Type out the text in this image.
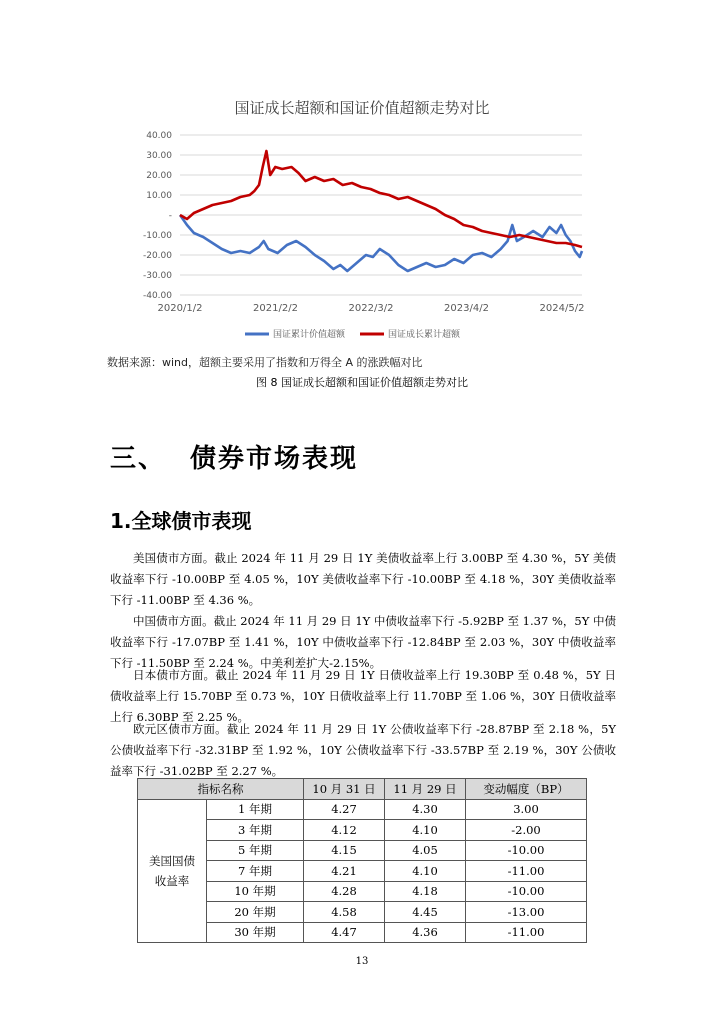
国证成长超额和国证价值超额走势对比
40.00
30.00
20.00
10.00
-
-10.00
-20.00
-30.00
-40.00
2020/1/2	2021/2/2	2022/3/2	2023/4/2	2024/5/2
国证累计价值超额	国证成长累计超额
数据来源：wind，超额主要采用了指数和万得全 A 的涨跌幅对比
图 8 国证成长超额和国证价值超额走势对比
三、 债券市场表现
1.全球债市表现
美国债市方面。截止 2024 年 11 月 29 日 1Y 美债收益率上行 3.00BP 至 4.30 %，5Y 美债收益率下行 -10.00BP 至 4.05 %，10Y 美债收益率下行 -10.00BP 至 4.18 %，30Y 美债收益率下行 -11.00BP 至 4.36 %。
中国债市方面。截止 2024 年 11 月 29 日 1Y 中债收益率下行 -5.92BP 至 1.37 %，5Y 中债收益率下行 -17.07BP 至 1.41 %，10Y 中债收益率下行 -12.84BP 至 2.03 %，30Y 中债收益率下行 -11.50BP 至 2.24 %。中美利差扩大-2.15%。
日本债市方面。截止 2024 年 11 月 29 日 1Y 日债收益率上行 19.30BP 至 0.48 %，5Y 日债收益率上行 15.70BP 至 0.73 %，10Y 日债收益率上行 11.70BP 至 1.06 %，30Y 日债收益率上行 6.30BP 至 2.25 %。
欧元区债市方面。截止 2024 年 11 月 29 日 1Y 公债收益率下行 -28.87BP 至 2.18 %，5Y 公债收益率下行 -32.31BP 至 1.92 %，10Y 公债收益率下行 -33.57BP 至 2.19 %，30Y 公债收益率下行 -31.02BP 至 2.27 %。
指标名称		10 月 31 日	11 月 29 日	变动幅度（BP）
美国国债收益率	1 年期	4.27	4.30	3.00
	3 年期	4.12	4.10	-2.00
	5 年期	4.15	4.05	-10.00
	7 年期	4.21	4.10	-11.00
	10 年期	4.28	4.18	-10.00
	20 年期	4.58	4.45	-13.00
	30 年期	4.47	4.36	-11.00
13
